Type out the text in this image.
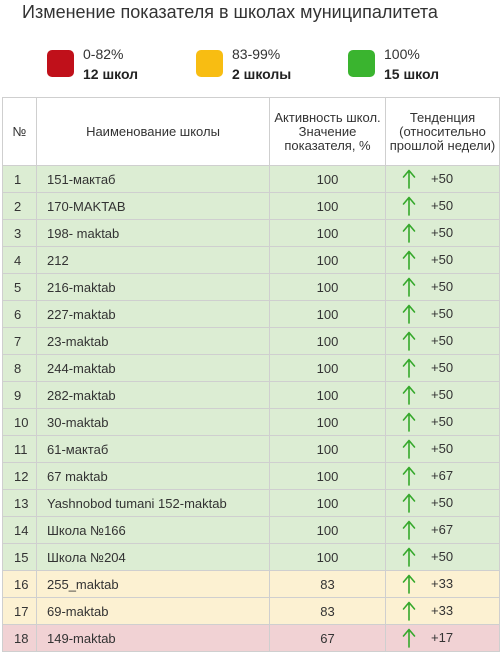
Изменение показателя в школах муниципалитета
0-82%
12 школ
83-99%
2 школы
100%
15 школ
№	Наименование школы	Активность школ. Значение показателя, %	Тенденция (относительно прошлой недели)
1	151-мактаб	100	+50

2	170-MAKTAB	100	+50

3	198- maktab	100	+50

4	212	100	+50

5	216-maktab	100	+50

6	227-maktab	100	+50

7	23-maktab	100	+50

8	244-maktab	100	+50

9	282-maktab	100	+50

10	30-maktab	100	+50

11	61-мактаб	100	+50

12	67 maktab	100	+67

13	Yashnobod tumani 152-maktab	100	+50

14	Школа №166	100	+67

15	Школа №204	100	+50

16	255_maktab	83	+33

17	69-maktab	83	+33

18	149-maktab	67	+17
